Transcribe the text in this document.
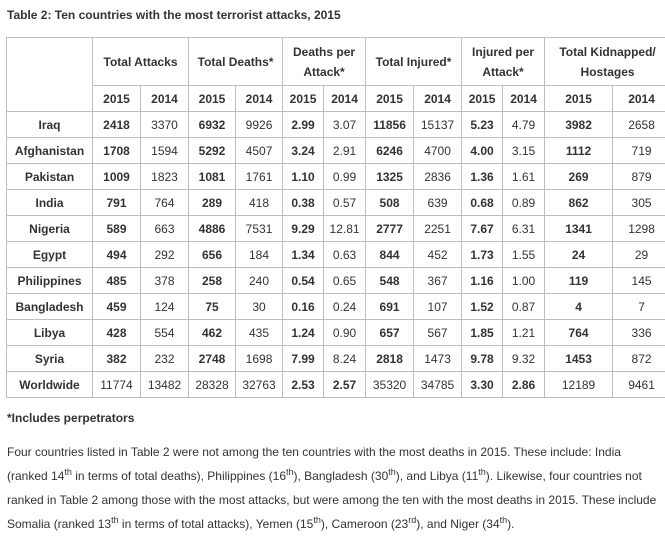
Table 2: Ten countries with the most terrorist attacks, 2015
	Total Attacks		Total Deaths*		Deaths per Attack*		Total Injured*		Injured per Attack*		Total Kidnapped/ Hostages	
	2015	2014	2015	2014	2015	2014	2015	2014	2015	2014	2015	2014
Iraq	2418	3370	6932	9926	2.99	3.07	11856	15137	5.23	4.79	3982	2658
Afghanistan	1708	1594	5292	4507	3.24	2.91	6246	4700	4.00	3.15	1112	719
Pakistan	1009	1823	1081	1761	1.10	0.99	1325	2836	1.36	1.61	269	879
India	791	764	289	418	0.38	0.57	508	639	0.68	0.89	862	305
Nigeria	589	663	4886	7531	9.29	12.81	2777	2251	7.67	6.31	1341	1298
Egypt	494	292	656	184	1.34	0.63	844	452	1.73	1.55	24	29
Philippines	485	378	258	240	0.54	0.65	548	367	1.16	1.00	119	145
Bangladesh	459	124	75	30	0.16	0.24	691	107	1.52	0.87	4	7
Libya	428	554	462	435	1.24	0.90	657	567	1.85	1.21	764	336
Syria	382	232	2748	1698	7.99	8.24	2818	1473	9.78	9.32	1453	872
Worldwide	11774	13482	28328	32763	2.53	2.57	35320	34785	3.30	2.86	12189	9461
*Includes perpetrators
Four countries listed in Table 2 were not among the ten countries with the most deaths in 2015. These include: India (ranked 14th in terms of total deaths), Philippines (16th), Bangladesh (30th), and Libya (11th). Likewise, four countries not ranked in Table 2 among those with the most attacks, but were among the ten with the most deaths in 2015. These include Somalia (ranked 13th in terms of total attacks), Yemen (15th), Cameroon (23rd), and Niger (34th).
